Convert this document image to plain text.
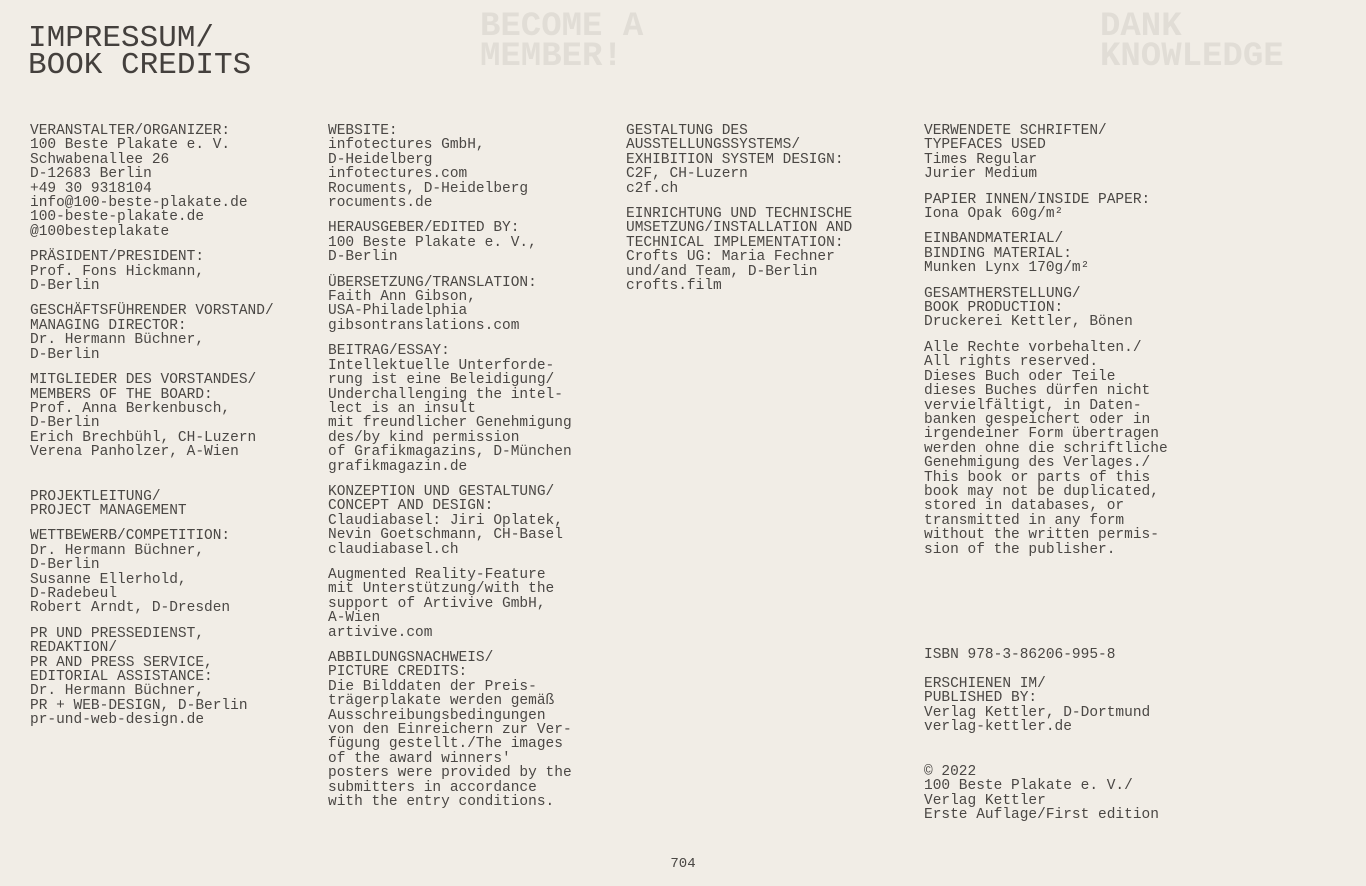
BECOME A
MEMBER!
DANK
KNOWLEDGE
IMPRESSUM/
BOOK CREDITS
VERANSTALTER/ORGANIZER:
100 Beste Plakate e. V.
Schwabenallee 26
D-12683 Berlin
+49 30 9318104
info@100-beste-plakate.de
100-beste-plakate.de
@100besteplakate
PRÄSIDENT/PRESIDENT:
Prof. Fons Hickmann,
D-Berlin
GESCHÄFTSFÜHRENDER VORSTAND/
MANAGING DIRECTOR:
Dr. Hermann Büchner,
D-Berlin
MITGLIEDER DES VORSTANDES/
MEMBERS OF THE BOARD:
Prof. Anna Berkenbusch,
D-Berlin
Erich Brechbühl, CH-Luzern
Verena Panholzer, A-Wien
PROJEKTLEITUNG/
PROJECT MANAGEMENT
WETTBEWERB/COMPETITION:
Dr. Hermann Büchner,
D-Berlin
Susanne Ellerhold,
D-Radebeul
Robert Arndt, D-Dresden
PR UND PRESSEDIENST,
REDAKTION/
PR AND PRESS SERVICE,
EDITORIAL ASSISTANCE:
Dr. Hermann Büchner,
PR + WEB-DESIGN, D-Berlin
pr-und-web-design.de
WEBSITE:
infotectures GmbH,
D-Heidelberg
infotectures.com
Rocuments, D-Heidelberg
rocuments.de
HERAUSGEBER/EDITED BY:
100 Beste Plakate e. V.,
D-Berlin
ÜBERSETZUNG/TRANSLATION:
Faith Ann Gibson,
USA-Philadelphia
gibsontranslations.com
BEITRAG/ESSAY:
Intellektuelle Unterforde-
rung ist eine Beleidigung/
Underchallenging the intel-
lect is an insult
mit freundlicher Genehmigung
des/by kind permission
of Grafikmagazins, D-München
grafikmagazin.de
KONZEPTION UND GESTALTUNG/
CONCEPT AND DESIGN:
Claudiabasel: Jiri Oplatek,
Nevin Goetschmann, CH-Basel
claudiabasel.ch
Augmented Reality-Feature
mit Unterstützung/with the
support of Artivive GmbH,
A-Wien
artivive.com
ABBILDUNGSNACHWEIS/
PICTURE CREDITS:
Die Bilddaten der Preis-
trägerplakate werden gemäß
Ausschreibungsbedingungen
von den Einreichern zur Ver-
fügung gestellt./The images
of the award winners'
posters were provided by the
submitters in accordance
with the entry conditions.
GESTALTUNG DES
AUSSTELLUNGSSYSTEMS/
EXHIBITION SYSTEM DESIGN:
C2F, CH-Luzern
c2f.ch
EINRICHTUNG UND TECHNISCHE
UMSETZUNG/INSTALLATION AND
TECHNICAL IMPLEMENTATION:
Crofts UG: Maria Fechner
und/and Team, D-Berlin
crofts.film
VERWENDETE SCHRIFTEN/
TYPEFACES USED
Times Regular
Jurier Medium
PAPIER INNEN/INSIDE PAPER:
Iona Opak 60g/m²
EINBANDMATERIAL/
BINDING MATERIAL:
Munken Lynx 170g/m²
GESAMTHERSTELLUNG/
BOOK PRODUCTION:
Druckerei Kettler, Bönen
Alle Rechte vorbehalten./
All rights reserved.
Dieses Buch oder Teile
dieses Buches dürfen nicht
vervielfältigt, in Daten-
banken gespeichert oder in
irgendeiner Form übertragen
werden ohne die schriftliche
Genehmigung des Verlages./
This book or parts of this
book may not be duplicated,
stored in databases, or
transmitted in any form
without the written permis-
sion of the publisher.
ISBN 978-3-86206-995-8
ERSCHIENEN IM/
PUBLISHED BY:
Verlag Kettler, D-Dortmund
verlag-kettler.de
© 2022
100 Beste Plakate e. V./
Verlag Kettler
Erste Auflage/First edition
704
